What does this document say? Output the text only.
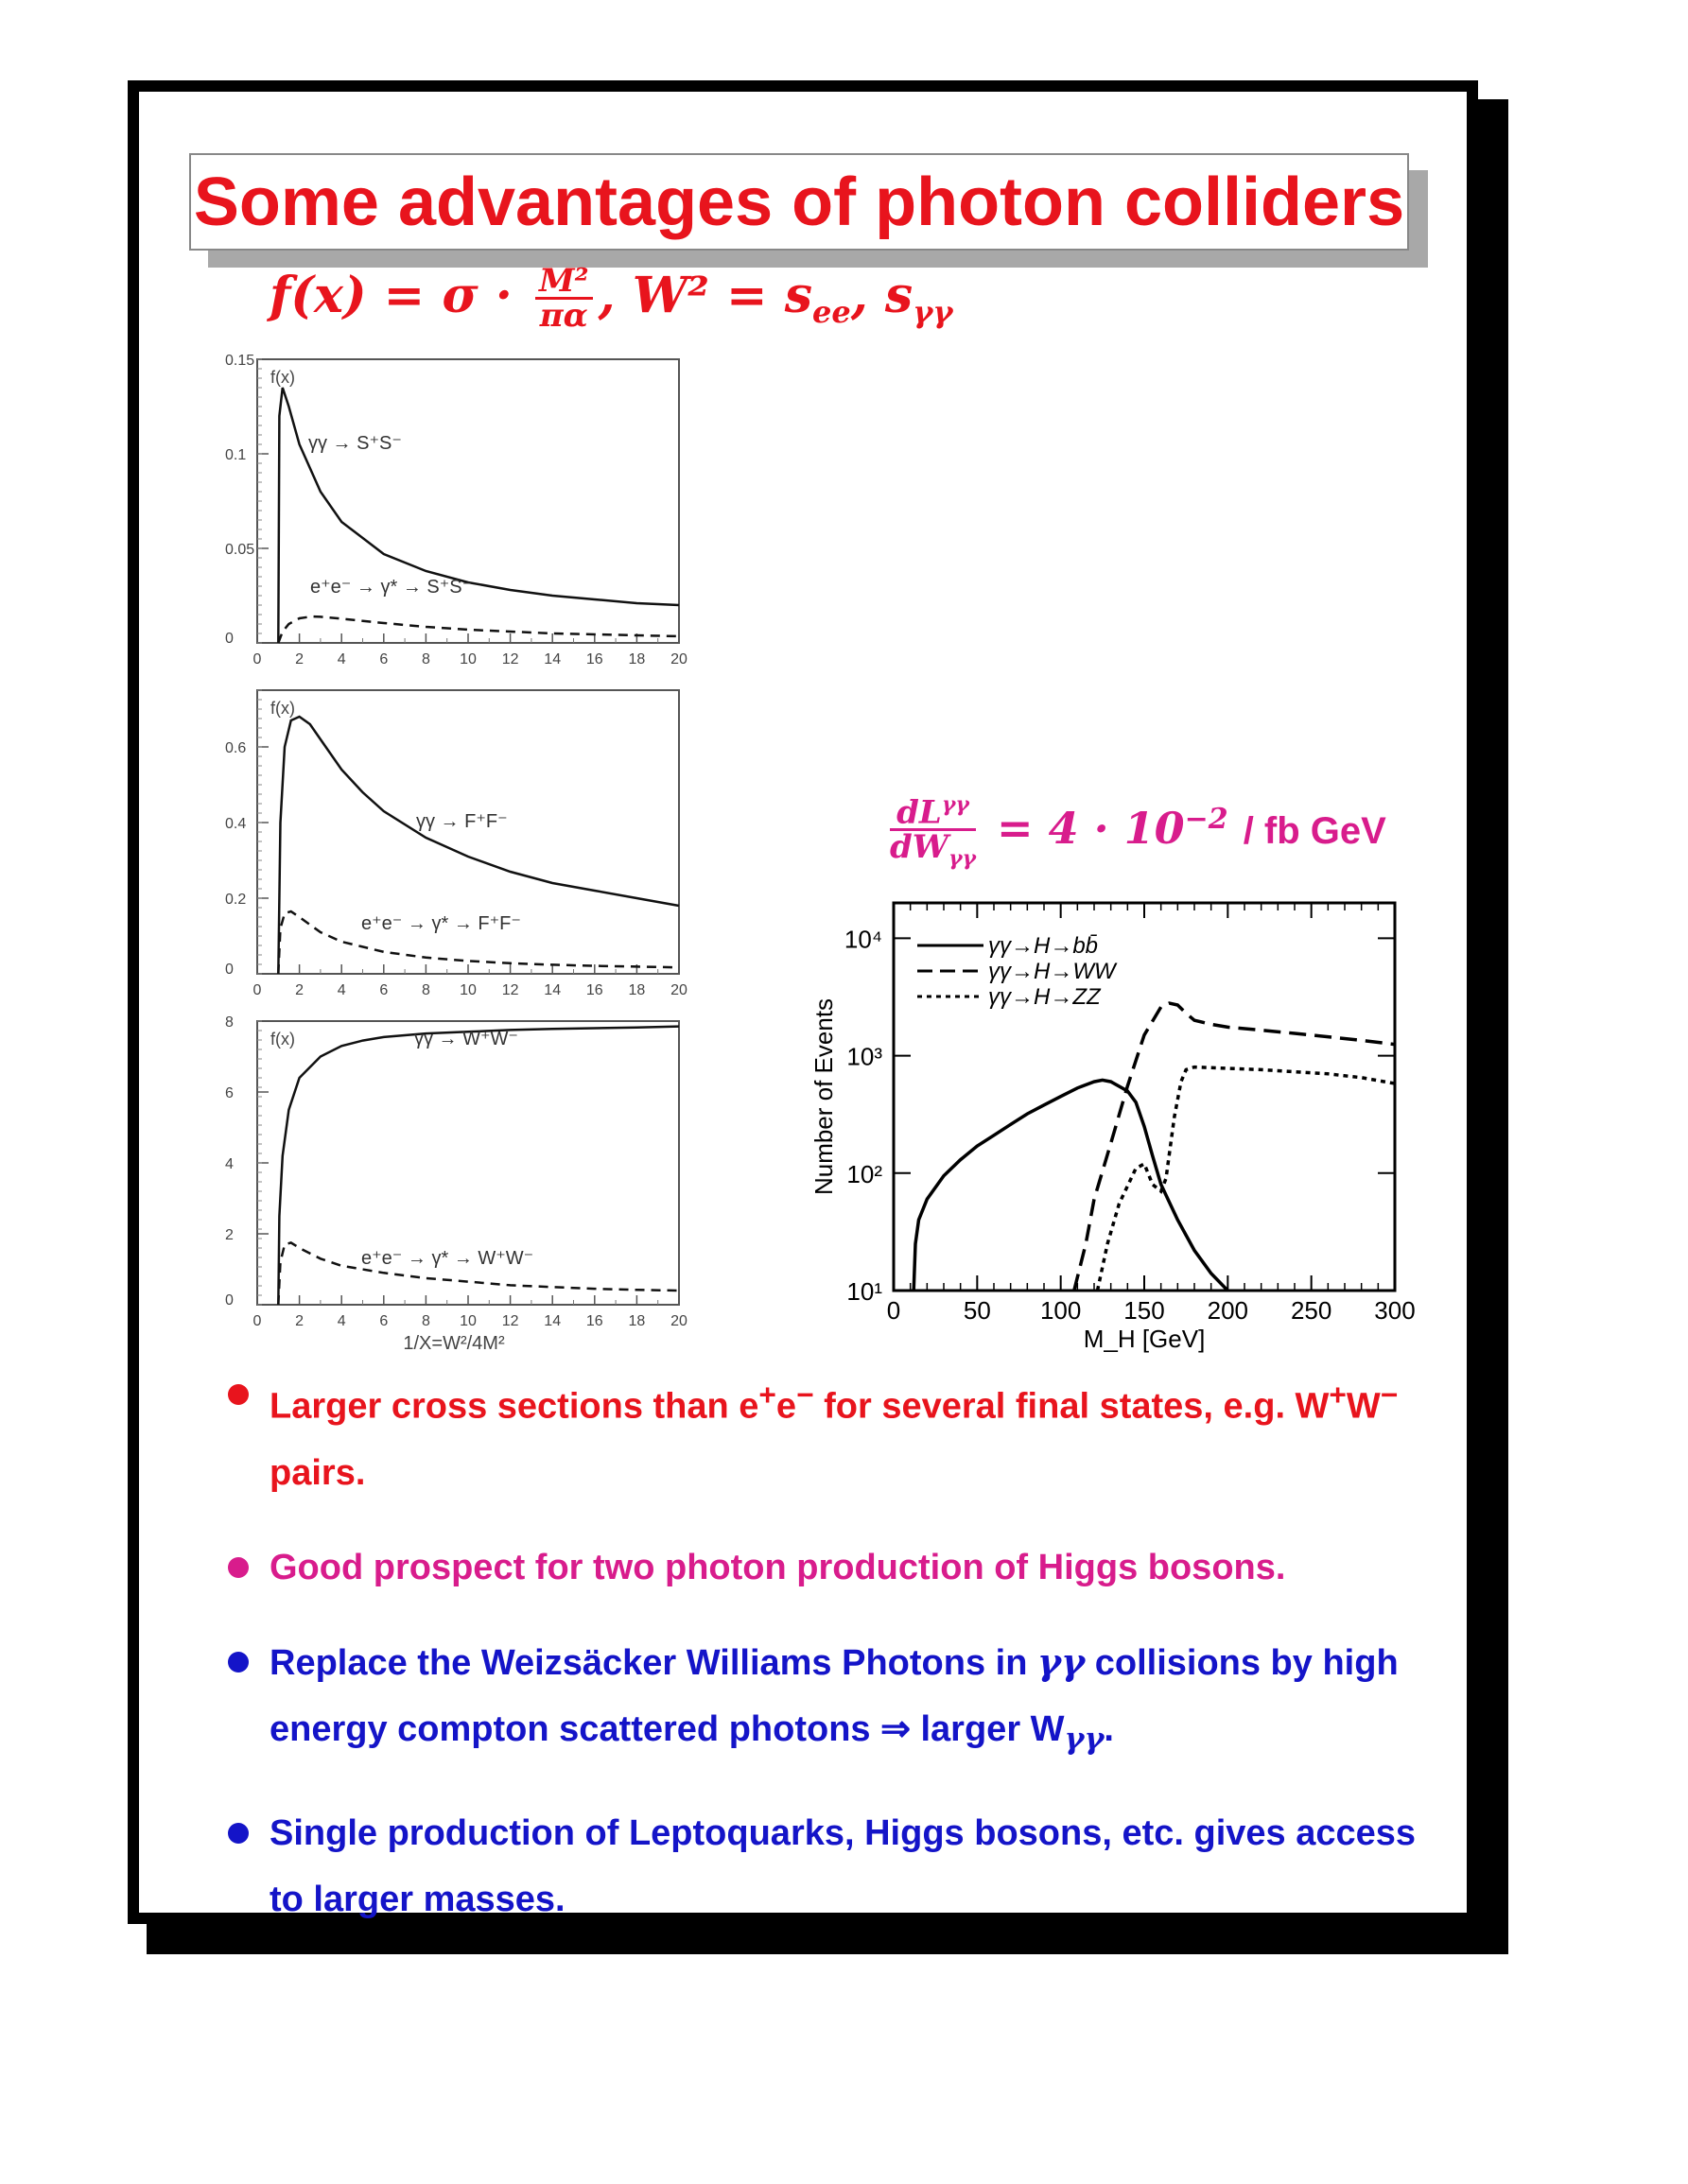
Some advantages of photon colliders
$f(x) = \sigma \cdot \frac{\text{M²}}{\pi\alpha}$ , $W^2 = s_{ee}$, $s_{\gamma\gamma}$
$\frac{dL^{\gamma\gamma}}{dW_{\gamma\gamma}} = 4 \cdot 10^{-2}$ / fb GeV
0 2 4 6 8 10 12 14 16 18 20
0
0.05
0.1
0.15
f(x)
γγ → S⁺S⁻
e⁺e⁻ → γ* → S⁺S⁻
0 2 4 6 8 10 12 14 16 18 20
0
0.2
0.4
0.6
f(x)
γγ → F⁺F⁻
e⁺e⁻ → γ* → F⁺F⁻
0 2 4 6 8 10 12 14 16 18 20
0
2
4
6
8
f(x)	γγ → W⁺W⁻
e⁺e⁻ → γ* → W⁺W⁻
1/X=W²/4M²
0	50 100 150 200 250 300
10¹
10²
10³
10⁴	γγ→H→bb̄
γγ→H→WW
γγ→H→ZZ
M_H [GeV]
Number of Events
Larger cross sections than e+e− for several final states, e.g. W+W− pairs.
Good prospect for two photon production of Higgs bosons.
Replace the Weizsäcker Williams Photons in γγ collisions by high energy compton scattered photons ⇒ larger $W_{\gamma\gamma}$.
Single production of Leptoquarks, Higgs bosons, etc. gives access to larger masses.
